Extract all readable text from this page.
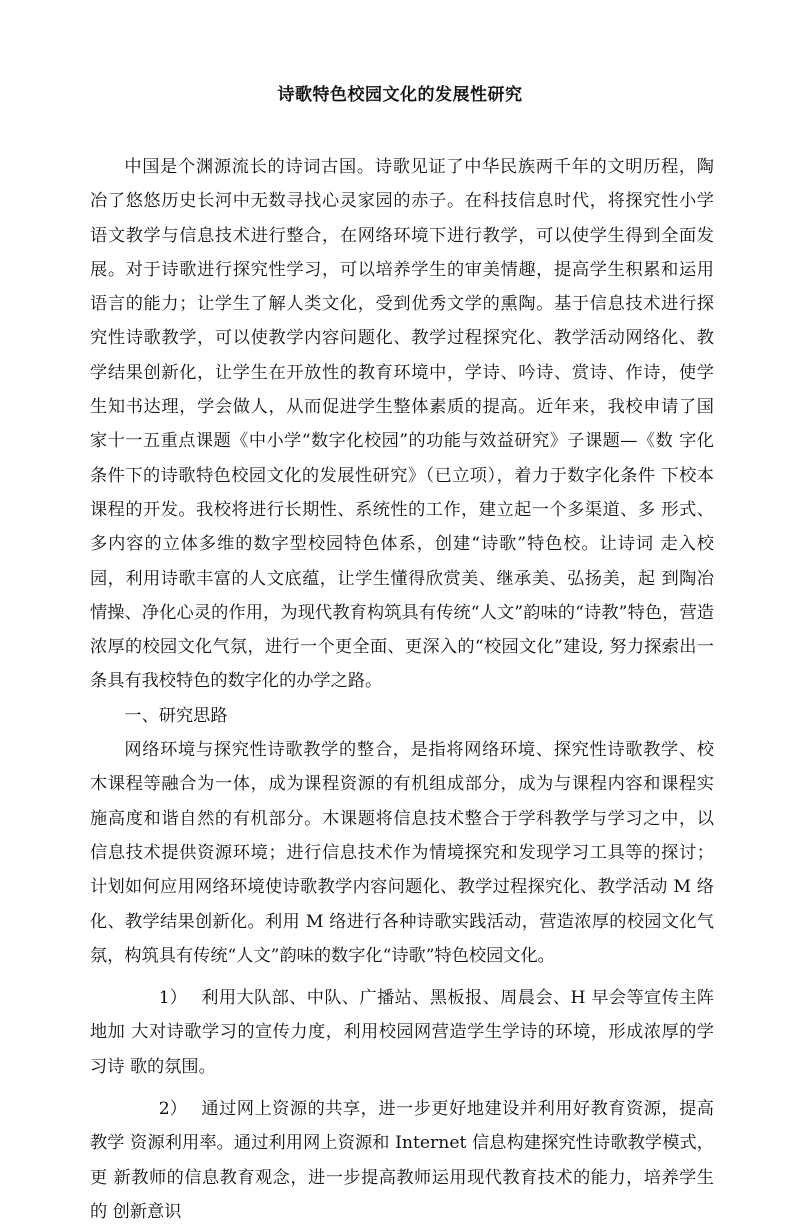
诗歌特色校园文化的发展性研究

中国是个渊源流长的诗词古国。诗歌见证了中华民族两千年的文明历程，陶 冶了悠悠历史长河中无数寻找心灵家园的赤子。在科技信息时代，将探究性小学 语文教学与信息技术进行整合，在网络环境下进行教学，可以使学生得到全面发 展。对于诗歌进行探究性学习，可以培养学生的审美情趣，提高学生积累和运用 语言的能力；让学生了解人类文化，受到优秀文学的熏陶。基于信息技术进行探 究性诗歌教学，可以使教学内容问题化、教学过程探究化、教学活动网络化、教 学结果创新化，让学生在开放性的教育环境中，学诗、吟诗、赏诗、作诗，使学 生知书达理，学会做人，从而促进学生整体素质的提高。近年来，我校申请了国 家十一五重点课题《中小学“数字化校园”的功能与效益研究》子课题—《数 字化条件下的诗歌特色校园文化的发展性研究》（已立项），着力于数字化条件 下校本课程的开发。我校将进行长期性、系统性的工作，建立起一个多渠道、多 形式、多内容的立体多维的数字型校园特色体系，创建“诗歌”特色校。让诗词 走入校园，利用诗歌丰富的人文底蕴，让学生懂得欣赏美、继承美、弘扬美，起 到陶冶情操、净化心灵的作用，为现代教育构筑具有传统“人文”韵味的“诗教”特色，营造浓厚的校园文化气氛，进行一个更全面、更深入的“校园文化”建设, 努力探索出一条具有我校特色的数字化的办学之路。

一、研究思路

网络环境与探究性诗歌教学的整合，是指将网络环境、探究性诗歌教学、校 木课程等融合为一体，成为课程资源的有机组成部分，成为与课程内容和课程实 施高度和谐自然的有机部分。木课题将信息技术整合于学科教学与学习之中，以 信息技术提供资源环境；进行信息技术作为情境探究和发现学习工具等的探讨； 计划如何应用网络环境使诗歌教学内容问题化、教学过程探究化、教学活动 M 络 化、教学结果创新化。利用 M 络进行各种诗歌实践活动，营造浓厚的校园文化气 氛，构筑具有传统“人文”韵味的数字化“诗歌”特色校园文化。

1） 利用大队部、中队、广播站、黑板报、周晨会、H 早会等宣传主阵地加 大对诗歌学习的宣传力度，利用校园网营造学生学诗的环境，形成浓厚的学习诗 歌的氛围。

2） 通过网上资源的共享，进一步更好地建设并利用好教育资源，提高教学 资源利用率。通过利用网上资源和 Internet 信息构建探究性诗歌教学模式，更 新教师的信息教育观念，进一步提高教师运用现代教育技术的能力，培养学生的 创新意识
